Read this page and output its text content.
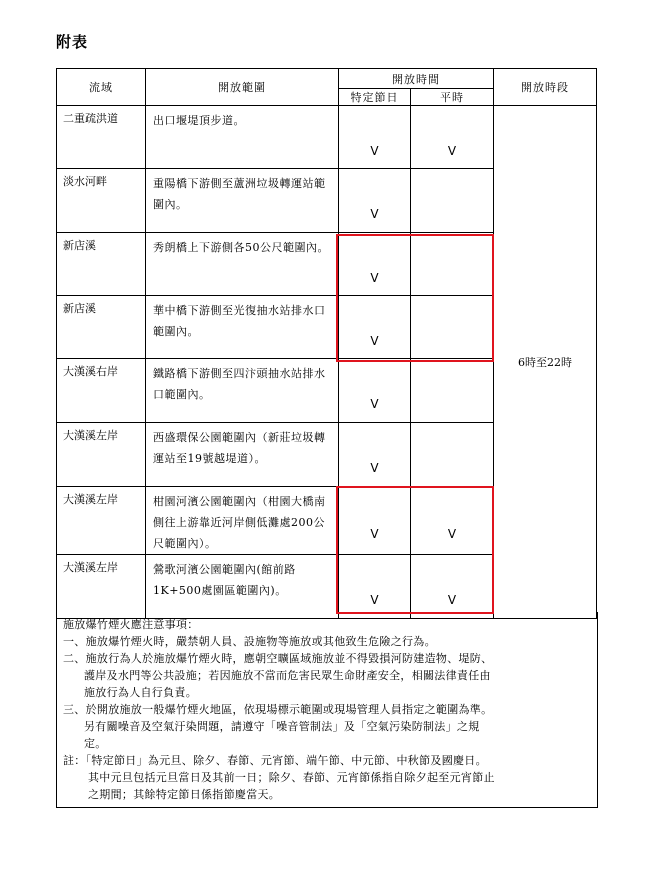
附表
流域	開放範圍	開放時間		開放時段
		特定節日	平時	
二重疏洪道	出口堰堤頂步道。	V	V	6時至22時
淡水河畔	重陽橋下游側至蘆洲垃圾轉運站範圍內。	V		
新店溪	秀朗橋上下游側各50公尺範圍內。	V		
新店溪	華中橋下游側至光復抽水站排水口範圍內。	V		
大漢溪右岸	鐵路橋下游側至四汴頭抽水站排水口範圍內。	V		
大漢溪左岸	西盛環保公園範圍內（新莊垃圾轉運站至19號越堤道）。	V		
大漢溪左岸	柑園河濱公園範圍內（柑園大橋南側往上游靠近河岸側低灘處200公尺範圍內）。	V	V	
大漢溪左岸	鶯歌河濱公園範圍內(館前路1K+500處園區範圍內)。	V	V	
施放爆竹煙火應注意事項：
一、施放爆竹煙火時，嚴禁朝人員、設施物等施放或其他致生危險之行為。
二、施放行為人於施放爆竹煙火時，應朝空曠區域施放並不得毀損河防建造物、堤防、
護岸及水門等公共設施；若因施放不當而危害民眾生命財產安全，相關法律責任由
施放行為人自行負責。
三、於開放施放一般爆竹煙火地區，依現場標示範圍或現場管理人員指定之範圍為準。
另有關噪音及空氣汙染問題，請遵守「噪音管制法」及「空氣污染防制法」之規
定。
註：「特定節日」為元旦、除夕、春節、元宵節、端午節、中元節、中秋節及國慶日。
其中元旦包括元旦當日及其前一日；除夕、春節、元宵節係指自除夕起至元宵節止
之期間；其餘特定節日係指節慶當天。
